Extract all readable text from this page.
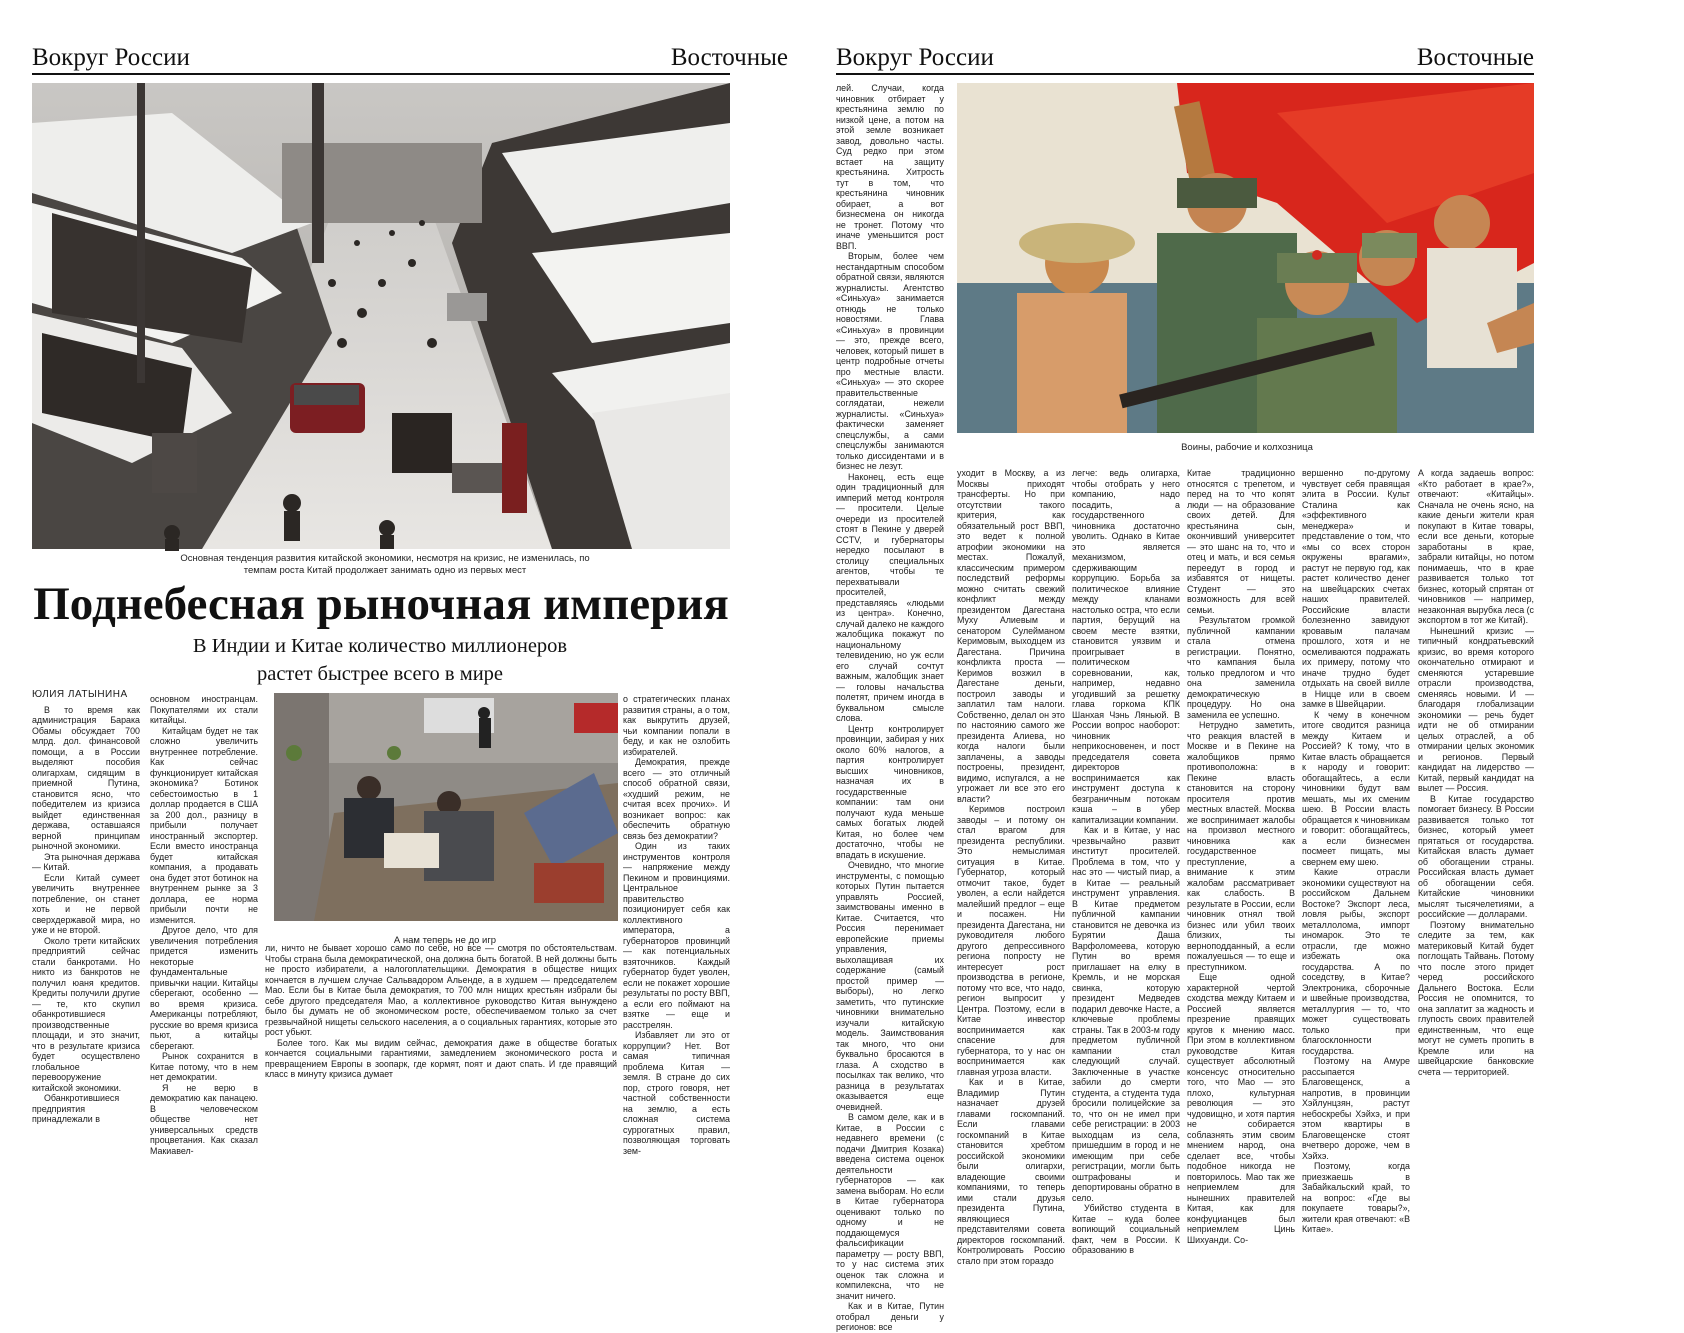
Вокруг России	Восточные
Основная тенденция развития китайской экономики, несмотря на кризис, не изменилась, по
темпам роста Китай продолжает занимать одно из первых мест
Поднебесная рыночная империя
В Индии и Китае количество миллионеров
растет быстрее всего в мире

ЮЛИЯ ЛАТЫНИНА

В то время как администрация Барака Обамы обсуждает 700 млрд. дол. финансовой помощи, а в России выделяют пособия олигархам, сидящим в приемной Путина, становится ясно, что победителем из кризиса выйдет единственная держава, оставшаяся верной принципам рыночной экономики.

Эта рыночная держава — Китай.

Если Китай сумеет увеличить внутреннее потребление, он станет хоть и не первой сверхдержавой мира, но уже и не второй.

Около трети китайских предприятий сейчас стали банкротами. Но никто из банкротов не получил юаня кредитов. Кредиты получили другие — те, кто скупил обанкротившиеся производственные площади, и это значит, что в результате кризиса будет осуществлено глобальное перевооружение китайской экономики.

Обанкротившиеся предприятия принадлежали в

основном иностранцам. Покупателями их стали китайцы.

Китайцам будет не так сложно увеличить внутреннее потребление. Как сейчас функционирует китайская экономика? Ботинок себестоимостью в 1 доллар продается в США за 200 дол., разницу в прибыли получает иностранный экспортер. Если вместо иностранца будет китайская компания, а продавать она будет этот ботинок на внутреннем рынке за 3 доллара, ее норма прибыли почти не изменится.

Другое дело, что для увеличения потребления придется изменить некоторые фундаментальные привычки нации. Китайцы сберегают, особенно — во время кризиса. Американцы потребляют, русские во время кризиса пьют, а китайцы сберегают.

Рынок сохранится в Китае потому, что в нем нет демократии.

Я не верю в демократию как панацею. В человеческом обществе нет универсальных средств процветания. Как сказал Макиавел-

А нам теперь не до игр

ли, ничто не бывает хорошо само по себе, но все — смотря по обстоятельствам. Чтобы страна была демократической, она должна быть богатой. В ней должны быть не просто избиратели, а налогоплательщики. Демократия в обществе нищих кончается в лучшем случае Сальвадором Альенде, а в худшем — председателем Мао. Если бы в Китае была демократия, то 700 млн нищих крестьян избрали бы себе другого председателя Мао, а коллективное руководство Китая вынуждено было бы думать не об экономическом росте, обеспечиваемом только за счет грезвычайной нищеты сельского населения, а о социальных гарантиях, которые это рост убьют.

Более того. Как мы видим сейчас, демократия даже в обществе богатых кончается социальными гарантиями, замедлением экономического роста и превращением Европы в зоопарк, где кормят, поят и дают спать. И где правящий класс в минуту кризиса думает

о стратегических планах развития страны, а о том, как выкрутить друзей, чьи компании попали в беду, и как не озлобить избирателей.

Демократия, прежде всего — это отличный способ обратной связи, «худший режим, не считая всех прочих». И возникает вопрос: как обеспечить обратную связь без демократии?

Один из таких инструментов контроля — напряжение между Пекином и провинциями. Центральное правительство позиционирует себя как коллективного императора, а губернаторов провинций — как потенциальных взяточников. Каждый губернатор будет уволен, если не покажет хорошие результаты по росту ВВП, а если его поймают на взятке — еще и расстрелян.

Избавляет ли это от коррупции? Нет. Вот самая типичная проблема Китая — земля. В стране до сих пор, строго говоря, нет частной собственности на землю, а есть сложная система суррогатных правил, позволяющая торговать зем-

Вокруг России	Восточные

лей. Случаи, когда чиновник отбирает у крестьянина землю по низкой цене, а потом на этой земле возникает завод, довольно часты. Суд редко при этом встает на защиту крестьянина. Хитрость тут в том, что крестьянина чиновник обирает, а вот бизнесмена он никогда не тронет. Потому что иначе уменьшится рост ВВП.

Вторым, более чем нестандартным способом обратной связи, являются журналисты. Агентство «Синьхуа» занимается отнюдь не только новостями. Глава «Синьхуа» в провинции — это, прежде всего, человек, который пишет в центр подробные отчеты про местные власти. «Синьхуа» — это скорее правительственные соглядатаи, нежели журналисты. «Синьхуа» фактически заменяет спецслужбы, а сами спецслужбы занимаются только диссидентами и в бизнес не лезут.

Наконец, есть еще один традиционный для империй метод контроля — просители. Целые очереди из просителей стоят в Пекине у дверей CCTV, и губернаторы нередко посылают в столицу специальных агентов, чтобы те перехватывали просителей, представляясь «людьми из центра». Конечно, случай далеко не каждого жалобщика покажут по национальному телевидению, но уж если его случай сочтут важным, жалобщик знает — головы начальства полетят, причем иногда в буквальном смысле слова.

Центр контролирует провинции, забирая у них около 60% налогов, а партия контролирует высших чиновников, назначая их в государственные компании: там они получают куда меньше самых богатых людей Китая, но более чем достаточно, чтобы не впадать в искушение.

Очевидно, что многие инструменты, с помощью которых Путин пытается управлять Россией, заимствованы именно в Китае. Считается, что Россия перенимает европейские приемы управления, выхолащивая их содержание (самый простой пример — выборы), но легко заметить, что путинские чиновники внимательно изучали китайскую модель. Заимствования так много, что они буквально бросаются в глаза. А сходство в посылках так велико, что разница в результатах оказывается еще очевидней.

В самом деле, как и в Китае, в России с недавнего времени (с подачи Дмитрия Козака) введена система оценок деятельности губернаторов — как замена выборам. Но если в Китае губернатора оценивают только по одному и не поддающемуся фальсификации параметру — росту ВВП, то у нас система этих оценок так сложна и компилексна, что не значит ничего.

Как и в Китае, Путин отобрал деньги у регионов: все

Воины, рабочие и колхозница

уходит в Москву, а из Москвы приходят трансферты. Но при отсутствии такого критерия, как обязательный рост ВВП, это ведет к полной атрофии экономики на местах. Пожалуй, классическим примером последствий реформы можно считать свежий конфликт между президентом Дагестана Муху Алиевым и сенатором Сулейманом Керимовым, выходцем из Дагестана. Причина конфликта проста — Керимов возжил в Дагестане деньги, построил заводы и заплатил там налоги. Собственно, делал он это по настоянию самого же президента Алиева, но когда налоги были заплачены, а заводы построены, президент, видимо, испугался, а не угрожает ли все это его власти?

Керимов построил заводы – и потому он стал врагом для президента республики. Это немыслимая ситуация в Китае. Губернатор, который отмочит такое, будет уволен, а если найдется малейший предлог – еще и посажен. Ни президента Дагестана, ни руководителя любого другого депрессивного региона попросту не интересует рост производства в регионе, потому что все, что надо, регион выпросит у Центра. Поэтому, если в Китае инвестор воспринимается как спасение для губернатора, то у нас он воспринимается как главная угроза власти.

Как и в Китае, Владимир Путин назначает друзей главами госкомпаний. Если главами госкомпаний в Китае становится хребтом российской экономики были олигархи, владеющие своими компаниями, то теперь ими стали друзья президента Путина, являющиеся представителями совета директоров госкомпаний. Контролировать Россию стало при этом гораздо

легче: ведь олигарха, чтобы отобрать у него компанию, надо посадить, а государственного чиновника достаточно уволить. Однако в Китае это является механизмом, сдерживающим коррупцию. Борьба за политическое влияние между кланами настолько остра, что если партия, берущий на своем месте взятки, становится уязвим и проигрывает в политическом соревновании, как, например, недавно угодивший за решетку глава горкома КПК Шанхая Чэнь Ляньюй. В России вопрос наоборот: чиновник неприкосновенен, и пост председателя совета директоров воспринимается как инструмент доступа к безграничным потокам кэша – в убер капитализации компании.

Как и в Китае, у нас чрезвычайно развит институт просителей. Проблема в том, что у нас это — чистый пиар, а в Китае — реальный инструмент управления. В Китае предметом публичной кампании становится не девочка из Бурятии Даша Варфоломеева, которую Путин во время приглашает на елку в Кремль, и не морская свинка, которую президент Медведев подарил девочке Насте, а ключевые проблемы страны. Так в 2003-м году предметом публичной кампании стал следующий случай. Заключенные в участке забили до смерти студента, а студента туда бросили полицейские за то, что он не имел при себе регистрации: в 2003 выходцам из села, пришедшим в город и не имеющим при себе регистрации, могли быть оштрафованы и депортированы обратно в село.

Убийство студента в Китае – куда более вопиющий социальный факт, чем в России. К образованию в

Китае традиционно относятся с трепетом, и перед на то что копят люди — на образование своих детей. Для крестьянина сын, окончивший университет — это шанс на то, что и отец и мать, и вся семья переедут в город и избавятся от нищеты. Студент — это возможность для всей семьи.

Результатом громкой публичной кампании стала отмена регистрации. Понятно, что кампания была только предлогом и что она заменила демократическую процедуру. Но она заменила ее успешно.

Нетрудно заметить, что реакция властей в Москве и в Пекине на жалобщиков прямо противоположна: в Пекине власть становится на сторону просителя против местных властей. Москва же воспринимает жалобы на произвол местного чиновника как государственное преступление, а внимание к этим жалобам рассматривает как слабость. В результате в России, если чиновник отнял твой бизнес или убил твоих близких, ты верноподданный, а если пожалуешься — то еще и преступником.

Еще одной характерной чертой сходства между Китаем и Россией является презрение правящих кругов к мнению масс. При этом в коллективном руководстве Китая существует абсолютный консенсус относительно того, что Мао — это плохо, культурная революция — это чудовищно, и хотя партия не собирается соблазнять этим своим мнением народ, она сделает все, чтобы подобное никогда не повторилось. Мао так же неприемлем для нынешних правителей Китая, как для конфуцианцев был неприемлем Цинь Шихуанди. Со-

вершенно по-другому чувствует себя правящая элита в России. Культ Сталина как «эффективного менеджера» и представление о том, что «мы со всех сторон окружены врагами», растут не первую год, как растет количество денег на швейцарских счетах наших правителей. Российские власти болезненно завидуют кровавым палачам прошлого, хотя и не осмеливаются подражать их примеру, потому что иначе трудно будет отдыхать на своей вилле в Ницце или в своем замке в Швейцарии.

К чему в конечном итоге сводится разница между Китаем и Россией? К тому, что в Китае власть обращается к народу и говорит: обогащайтесь, а если чиновники будут вам мешать, мы их сменим шею. В России власть обращается к чиновникам и говорит: обогащайтесь, а если бизнесмен посмеет пищать, мы свернем ему шею.

Какие отрасли экономики существуют на российском Дальнем Востоке? Экспорт леса, ловля рыбы, экспорт металлолома, импорт иномарок. Это те отрасли, где можно избежать ока государства. А по соседству, в Китае? Электроника, сборочные и швейные производства, металлургия — то, что может существовать только при благосклонности государства.

Поэтому на Амуре рассыпается Благовещенск, а напротив, в провинции Хэйлунцзян, растут небоскребы Хэйхэ, и при этом квартиры в Благовещенске стоят вчетверо дороже, чем в Хэйхэ.

Поэтому, когда приезжаешь в Забайкальский край, то на вопрос: «Где вы покупаете товары?», жители края отвечают: «В Китае».

А когда задаешь вопрос: «Кто работает в крае?», отвечают: «Китайцы». Сначала не очень ясно, на какие деньги жители края покупают в Китае товары, если все деньги, которые заработаны в крае, забрали китайцы, но потом понимаешь, что в крае развивается только тот бизнес, который спрятан от чиновников — например, незаконная вырубка леса (с экспортом в тот же Китай).

Нынешний кризис — типичный кондратьевский кризис, во время которого окончательно отмирают и сменяются устаревшие отрасли производства, сменяясь новыми. И — благодаря глобализации экономики — речь будет идти не об отмирании целых отраслей, а об отмирании целых экономик и регионов. Первый кандидат на лидерство — Китай, первый кандидат на вылет — Россия.

В Китае государство помогает бизнесу. В России развивается только тот бизнес, который умеет прятаться от государства. Китайская власть думает об обогащении страны. Российская власть думает об обогащении себя. Китайские чиновники мыслят тысячелетиями, а российские — долларами.

Поэтому внимательно следите за тем, как материковый Китай будет поглощать Тайвань. Потому что после этого придет черед российского Дальнего Востока. Если Россия не опомнится, то она заплатит за жадность и глупость своих правителей единственным, что еще могут не суметь пропить в Кремле или на швейцарские банковские счета — территорией.
